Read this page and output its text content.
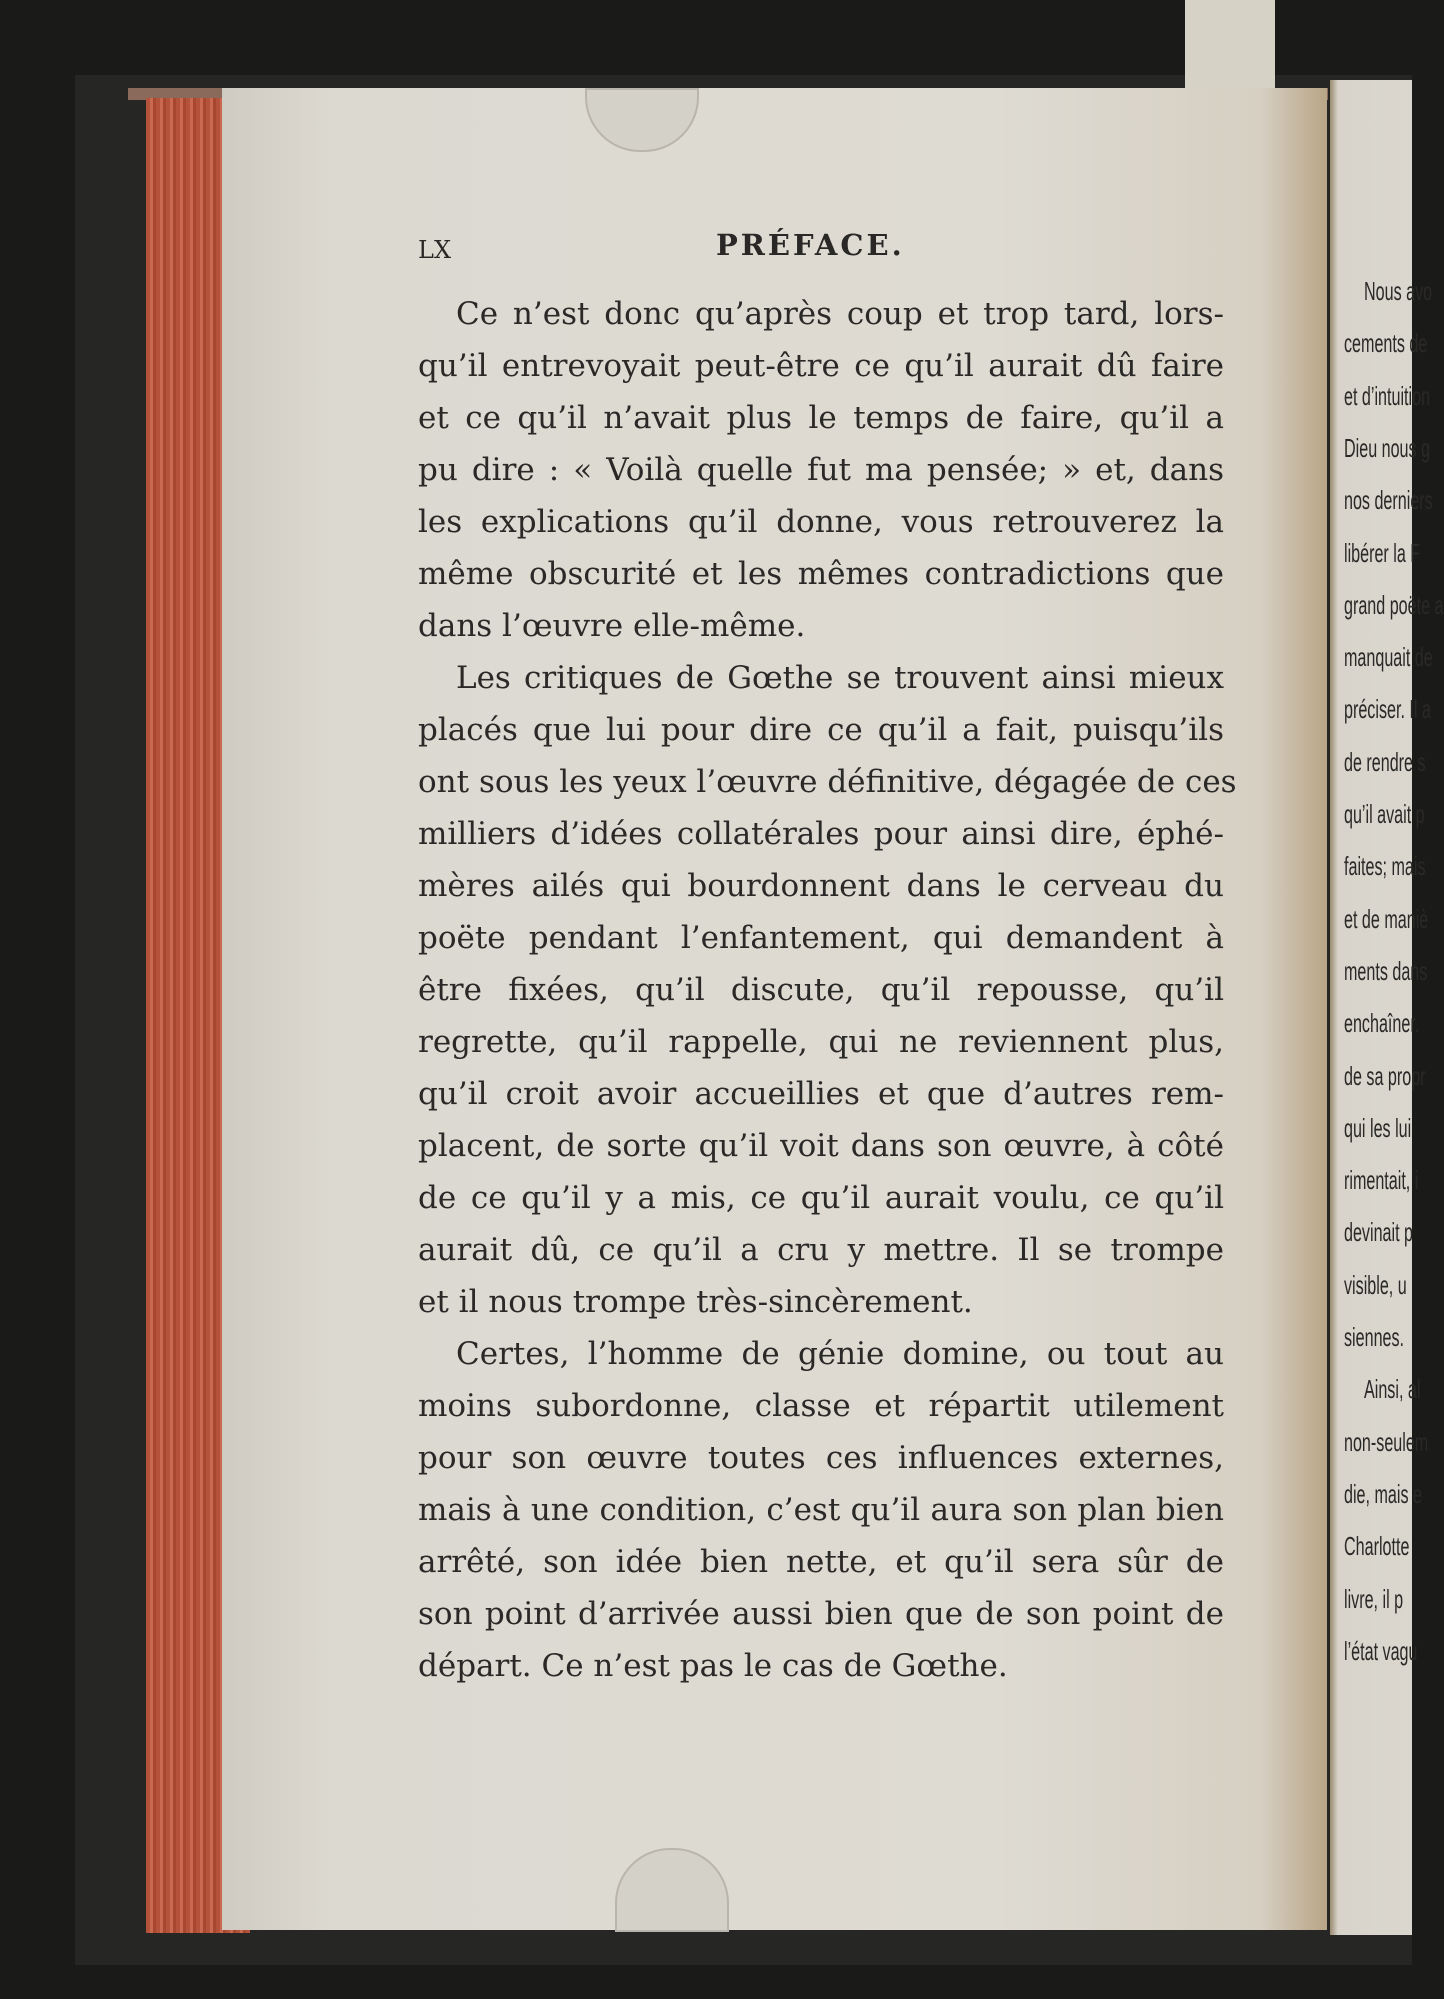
Nous avo
cements de
et d’intuition
Dieu nous g
nos derniers
libérer la F
grand poëte a
manquait de
préciser. Il a
de rendre s
qu’il avait p
faites; mais
et de maniè
ments dans
enchaîner.
de sa propr
qui les lui
rimentait, i
devinait p
visible, u
siennes.
Ainsi, al
non-seulem
die, mais e
Charlotte
livre, il p
l’état vagu
LX	PRÉFACE.
Ce n’est donc qu’après coup et trop tard, lors-
qu’il entrevoyait peut-être ce qu’il aurait dû faire
et ce qu’il n’avait plus le temps de faire, qu’il a
pu dire : « Voilà quelle fut ma pensée; » et, dans
les explications qu’il donne, vous retrouverez la
même obscurité et les mêmes contradictions que
dans l’œuvre elle-même.
Les critiques de Gœthe se trouvent ainsi mieux
placés que lui pour dire ce qu’il a fait, puisqu’ils
ont sous les yeux l’œuvre définitive, dégagée de ces
milliers d’idées collatérales pour ainsi dire, éphé-
mères ailés qui bourdonnent dans le cerveau du
poëte pendant l’enfantement, qui demandent à
être fixées, qu’il discute, qu’il repousse, qu’il
regrette, qu’il rappelle, qui ne reviennent plus,
qu’il croit avoir accueillies et que d’autres rem-
placent, de sorte qu’il voit dans son œuvre, à côté
de ce qu’il y a mis, ce qu’il aurait voulu, ce qu’il
aurait dû, ce qu’il a cru y mettre. Il se trompe
et il nous trompe très-sincèrement.
Certes, l’homme de génie domine, ou tout au
moins subordonne, classe et répartit utilement
pour son œuvre toutes ces influences externes,
mais à une condition, c’est qu’il aura son plan bien
arrêté, son idée bien nette, et qu’il sera sûr de
son point d’arrivée aussi bien que de son point de
départ. Ce n’est pas le cas de Gœthe.
